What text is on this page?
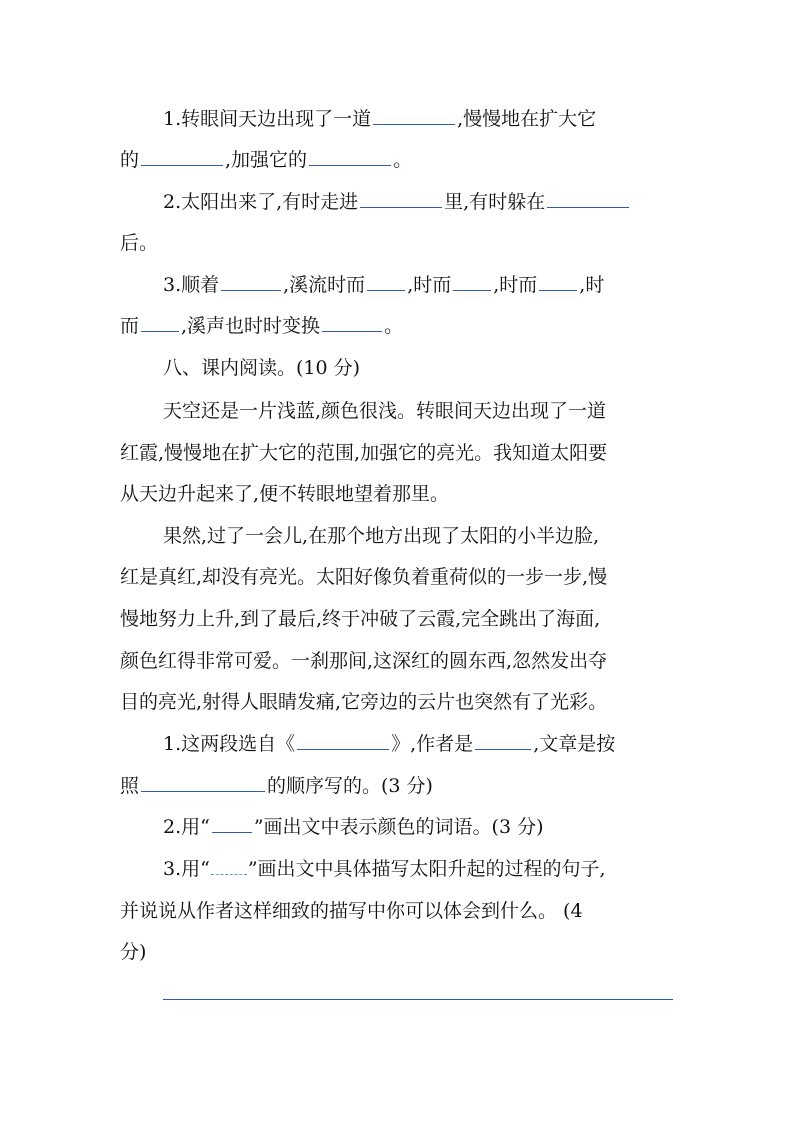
1.转眼间天边出现了一道	,慢慢地在扩大它
的	,加强它的	。
2.太阳出来了,有时走进	里,有时躲在
后。
3.顺着	,溪流时而 ,时而 ,时而 ,时
而 ,溪声也时时变换	。
八、课内阅读。(10 分)
天空还是一片浅蓝,颜色很浅。转眼间天边出现了一道
红霞,慢慢地在扩大它的范围,加强它的亮光。我知道太阳要
从天边升起来了,便不转眼地望着那里。
果然,过了一会儿,在那个地方出现了太阳的小半边脸,
红是真红,却没有亮光。太阳好像负着重荷似的一步一步,慢
慢地努力上升,到了最后,终于冲破了云霞,完全跳出了海面,
颜色红得非常可爱。一刹那间,这深红的圆东西,忽然发出夺
目的亮光,射得人眼睛发痛,它旁边的云片也突然有了光彩。
1.这两段选自《	》,作者是	,文章是按
照	的顺序写的。(3 分)
2.用“ ”画出文中表示颜色的词语。(3 分)
3.用“ ”画出文中具体描写太阳升起的过程的句子,
并说说从作者这样细致的描写中你可以体会到什么。 (4
分)
